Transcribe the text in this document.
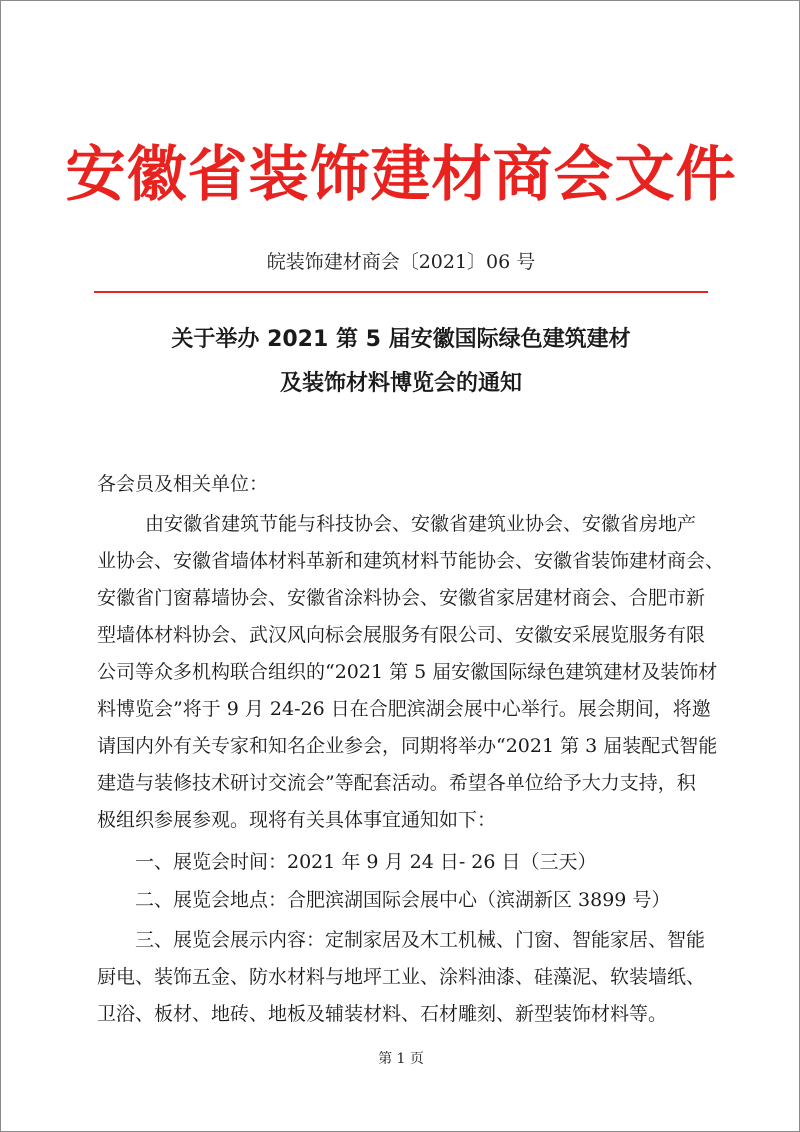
安徽省装饰建材商会文件
皖装饰建材商会〔2021〕06 号
关于举办 2021 第 5 届安徽国际绿色建筑建材
及装饰材料博览会的通知
各会员及相关单位：
由安徽省建筑节能与科技协会、安徽省建筑业协会、安徽省房地产
业协会、安徽省墙体材料革新和建筑材料节能协会、安徽省装饰建材商会、
安徽省门窗幕墙协会、安徽省涂料协会、安徽省家居建材商会、合肥市新
型墙体材料协会、武汉风向标会展服务有限公司、安徽安采展览服务有限
公司等众多机构联合组织的“2021 第 5 届安徽国际绿色建筑建材及装饰材
料博览会”将于 9 月 24-26 日在合肥滨湖会展中心举行。展会期间，将邀
请国内外有关专家和知名企业参会，同期将举办“2021 第 3 届装配式智能
建造与装修技术研讨交流会”等配套活动。希望各单位给予大力支持，积
极组织参展参观。现将有关具体事宜通知如下：
一、展览会时间：2021 年 9 月 24 日- 26 日（三天）
二、展览会地点：合肥滨湖国际会展中心（滨湖新区 3899 号）
三、展览会展示内容：定制家居及木工机械、门窗、智能家居、智能
厨电、装饰五金、防水材料与地坪工业、涂料油漆、硅藻泥、软装墙纸、
卫浴、板材、地砖、地板及辅装材料、石材雕刻、新型装饰材料等。
第 1 页
